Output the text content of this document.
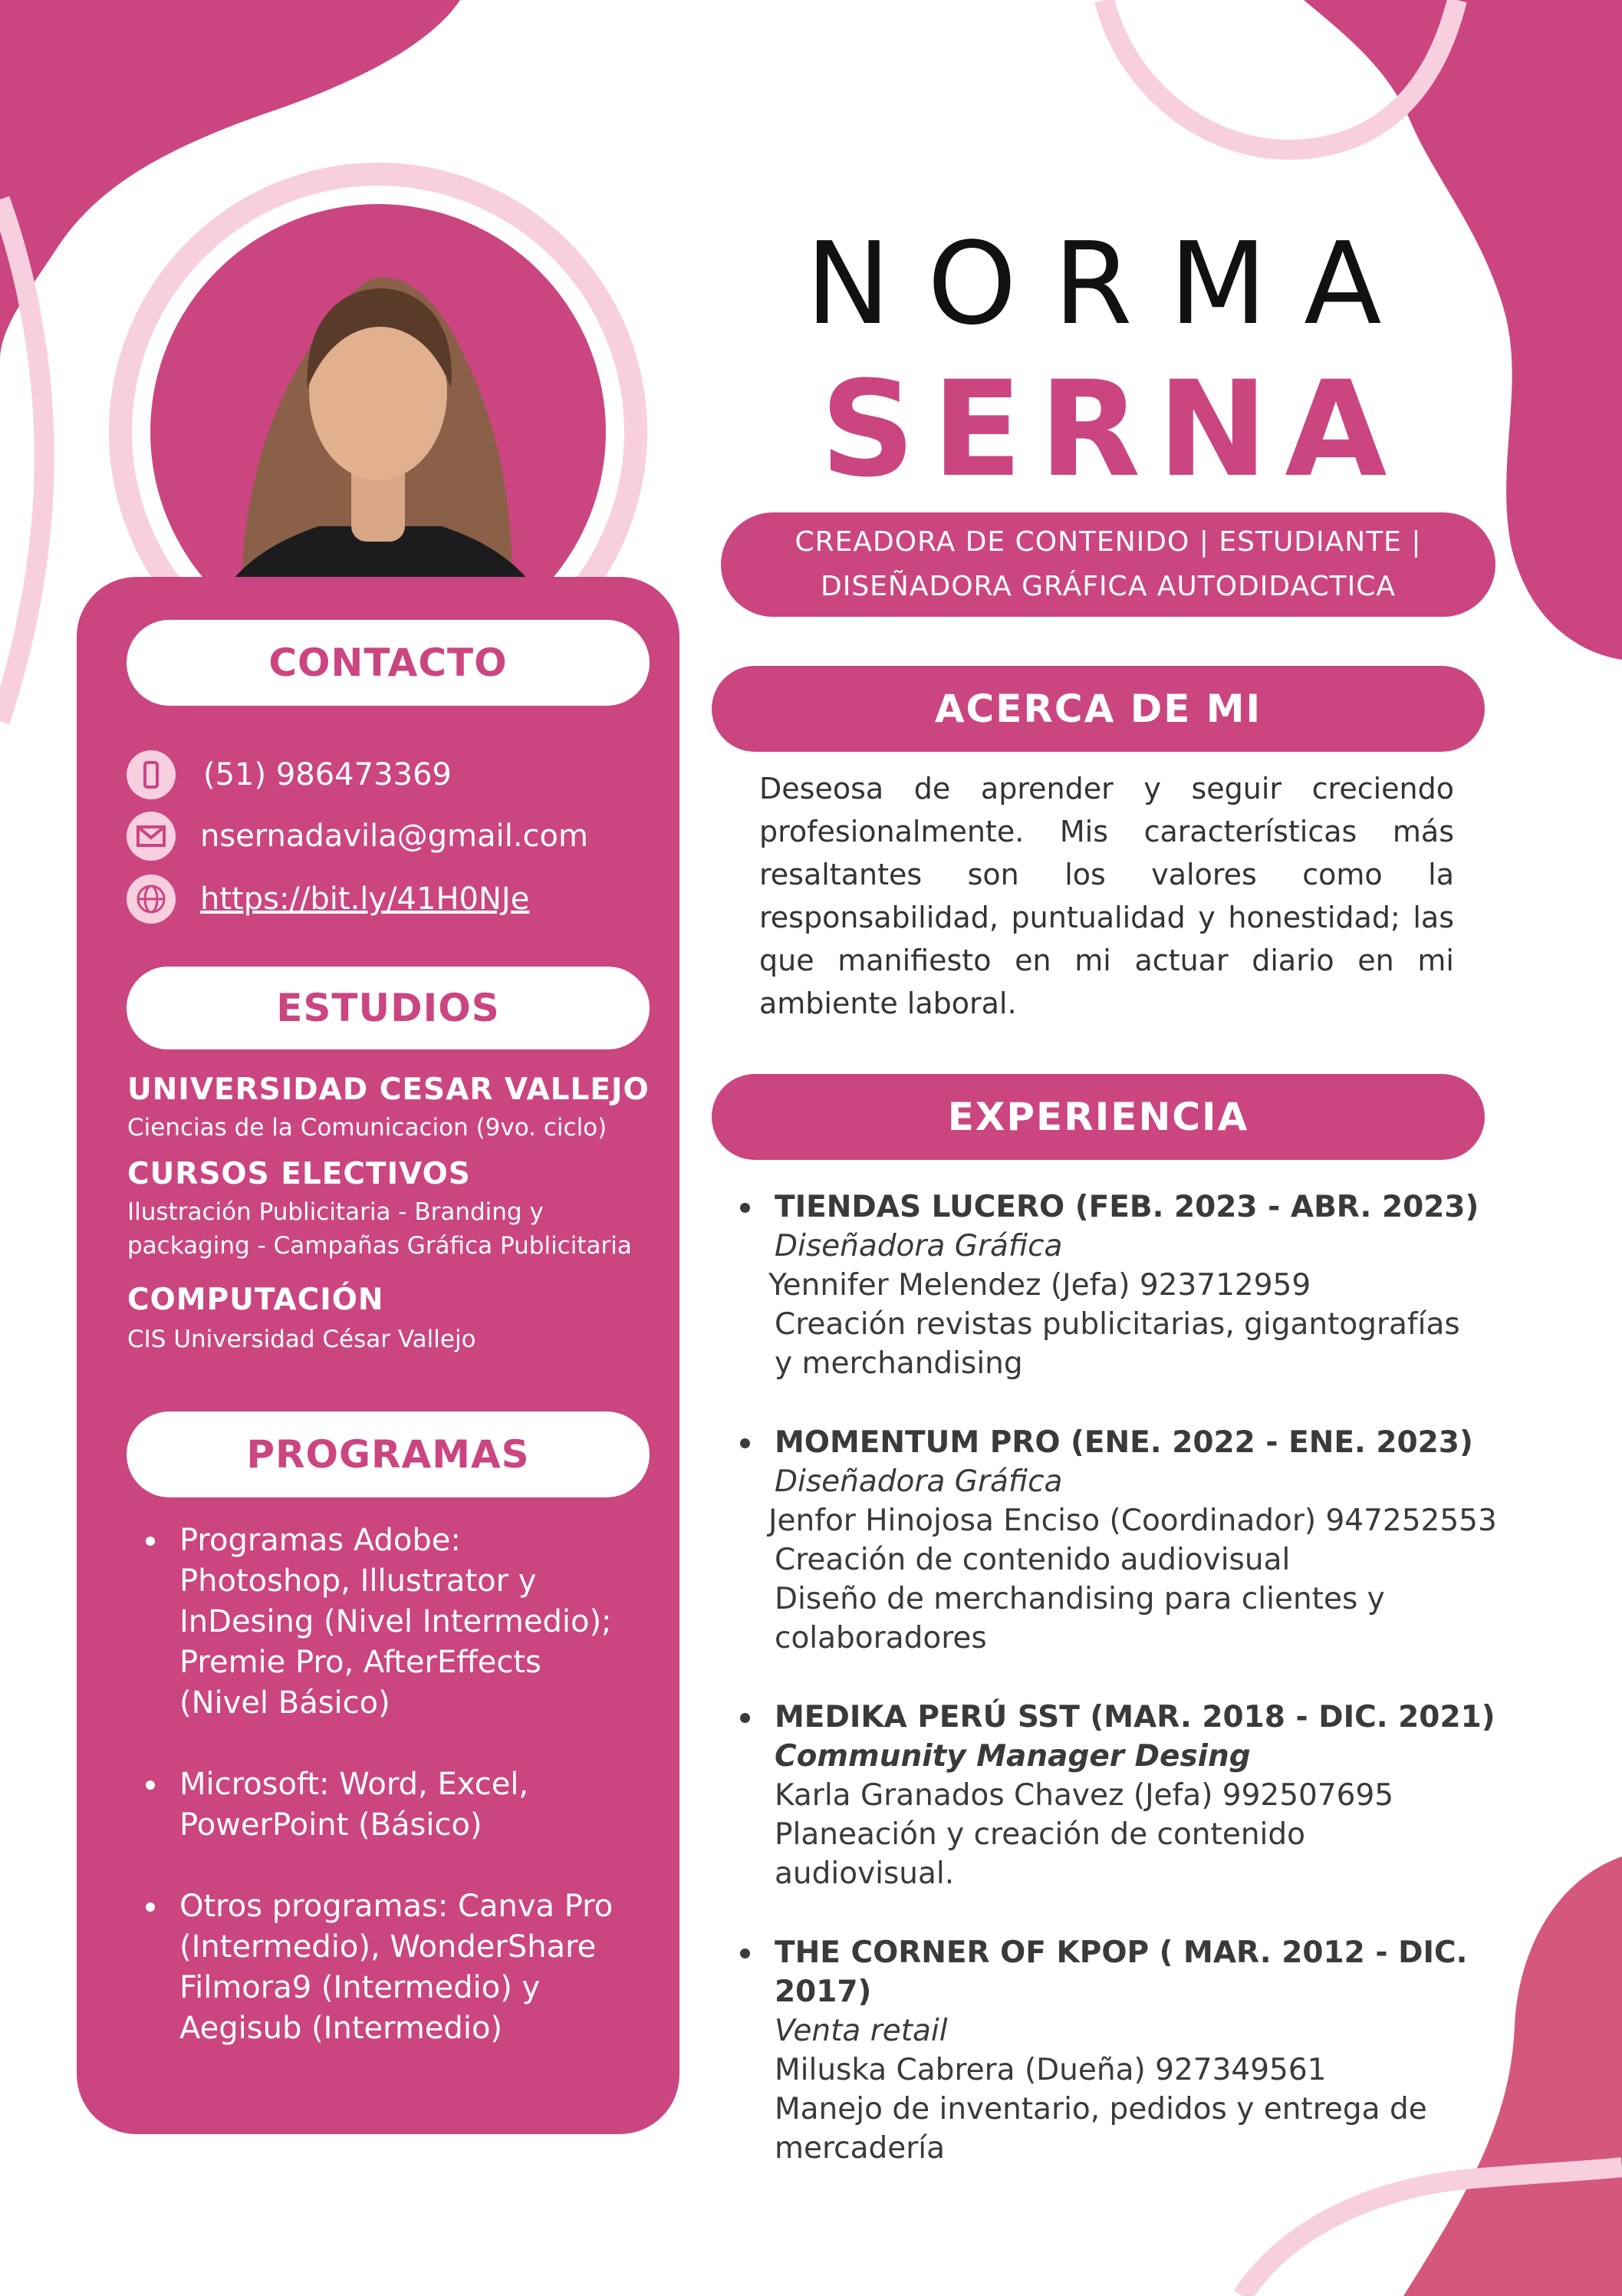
CONTACTO
(51) 986473369
nsernadavila@gmail.com
https://bit.ly/41H0NJe
ESTUDIOS
UNIVERSIDAD CESAR VALLEJO
Ciencias de la Comunicacion (9vo. ciclo)
CURSOS ELECTIVOS
Ilustración Publicitaria - Branding y
packaging - Campañas Gráfica Publicitaria
COMPUTACIÓN
CIS Universidad César Vallejo
PROGRAMAS
Programas Adobe:
Photoshop, Illustrator y
InDesing (Nivel Intermedio);
Premie Pro, AfterEffects
(Nivel Básico)
Microsoft: Word, Excel,
PowerPoint (Básico)
Otros programas: Canva Pro
(Intermedio), WonderShare
Filmora9 (Intermedio) y
Aegisub (Intermedio)
NORMA
SERNA
CREADORA DE CONTENIDO | ESTUDIANTE |
DISEÑADORA GRÁFICA AUTODIDACTICA
ACERCA DE MI
Deseosa de aprender y seguir creciendo profesionalmente. Mis características más resaltantes son los valores como la responsabilidad, puntualidad y honestidad; las que manifiesto en mi actuar diario en mi ambiente laboral.
EXPERIENCIA
TIENDAS LUCERO (FEB. 2023 - ABR. 2023)
Diseñadora Gráfica
Yennifer Melendez (Jefa) 923712959
Creación revistas publicitarias, gigantografías
y merchandising
MOMENTUM PRO (ENE. 2022 - ENE. 2023)
Diseñadora Gráfica
Jenfor Hinojosa Enciso (Coordinador) 947252553
Creación de contenido audiovisual
Diseño de merchandising para clientes y
colaboradores
MEDIKA PERÚ SST (MAR. 2018 - DIC. 2021)
Community Manager Desing
Karla Granados Chavez (Jefa) 992507695
Planeación y creación de contenido
audiovisual.
THE CORNER OF KPOP ( MAR. 2012 - DIC. 2017)
Venta retail
Miluska Cabrera (Dueña) 927349561
Manejo de inventario, pedidos y entrega de
mercadería
